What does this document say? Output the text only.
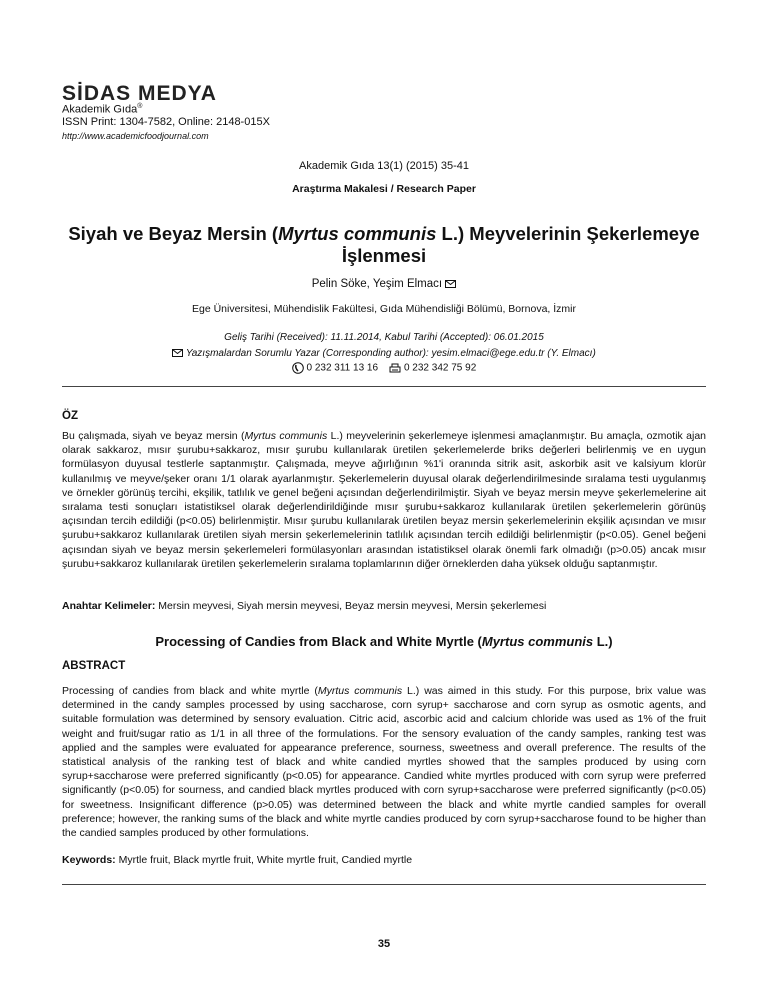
SİDAS MEDYA
Akademik Gıda®
ISSN Print: 1304-7582, Online: 2148-015X
http://www.academicfoodjournal.com
Akademik Gıda 13(1) (2015) 35-41
Araştırma Makalesi / Research Paper
Siyah ve Beyaz Mersin (Myrtus communis L.) Meyvelerinin Şekerlemeye İşlenmesi
Pelin Söke, Yeşim Elmacı
Ege Üniversitesi, Mühendislik Fakültesi, Gıda Mühendisliği Bölümü, Bornova, İzmir
Geliş Tarihi (Received): 11.11.2014, Kabul Tarihi (Accepted): 06.01.2015
Yazışmalardan Sorumlu Yazar (Corresponding author): yesim.elmaci@ege.edu.tr (Y. Elmacı)
0 232 311 13 16	0 232 342 75 92
ÖZ
Bu çalışmada, siyah ve beyaz mersin (Myrtus communis L.) meyvelerinin şekerlemeye işlenmesi amaçlanmıştır. Bu amaçla, ozmotik ajan olarak sakkaroz, mısır şurubu+sakkaroz, mısır şurubu kullanılarak üretilen şekerlemelerde briks değerleri belirlenmiş ve en uygun formülasyon duyusal testlerle saptanmıştır. Çalışmada, meyve ağırlığının %1'i oranında sitrik asit, askorbik asit ve kalsiyum klorür kullanılmış ve meyve/şeker oranı 1/1 olarak ayarlanmıştır. Şekerlemelerin duyusal olarak değerlendirilmesinde sıralama testi uygulanmış ve örnekler görünüş tercihi, ekşilik, tatlılık ve genel beğeni açısından değerlendirilmiştir. Siyah ve beyaz mersin meyve şekerlemelerine ait sıralama testi sonuçları istatistiksel olarak değerlendirildiğinde mısır şurubu+sakkaroz kullanılarak üretilen şekerlemelerin görünüş açısından tercih edildiği (p<0.05) belirlenmiştir. Mısır şurubu kullanılarak üretilen beyaz mersin şekerlemelerinin ekşilik açısından ve mısır şurubu+sakkaroz kullanılarak üretilen siyah mersin şekerlemelerinin tatlılık açısından tercih edildiği belirlenmiştir (p<0.05). Genel beğeni açısından siyah ve beyaz mersin şekerlemeleri formülasyonları arasından istatistiksel olarak önemli fark olmadığı (p>0.05) ancak mısır şurubu+sakkaroz kullanılarak üretilen şekerlemelerin sıralama toplamlarının diğer örneklerden daha yüksek olduğu saptanmıştır.
Anahtar Kelimeler: Mersin meyvesi, Siyah mersin meyvesi, Beyaz mersin meyvesi, Mersin şekerlemesi
Processing of Candies from Black and White Myrtle (Myrtus communis L.)
ABSTRACT
Processing of candies from black and white myrtle (Myrtus communis L.) was aimed in this study. For this purpose, brix value was determined in the candy samples processed by using saccharose, corn syrup+ saccharose and corn syrup as osmotic agents, and suitable formulation was determined by sensory evaluation. Citric acid, ascorbic acid and calcium chloride was used as 1% of the fruit weight and fruit/sugar ratio as 1/1 in all three of the formulations. For the sensory evaluation of the candy samples, ranking test was applied and the samples were evaluated for appearance preference, sourness, sweetness and overall preference. The results of the statistical analysis of the ranking test of black and white candied myrtles showed that the samples produced by using corn syrup+saccharose were preferred significantly (p<0.05) for appearance. Candied white myrtles produced with corn syrup were preferred significantly (p<0.05) for sourness, and candied black myrtles produced with corn syrup+saccharose were preferred significantly (p<0.05) for sweetness. Insignificant difference (p>0.05) was determined between the black and white myrtle candied samples for overall preference; however, the ranking sums of the black and white myrtle candies produced by corn syrup+saccharose found to be higher than the candied samples produced by other formulations.
Keywords: Myrtle fruit, Black myrtle fruit, White myrtle fruit, Candied myrtle
35
